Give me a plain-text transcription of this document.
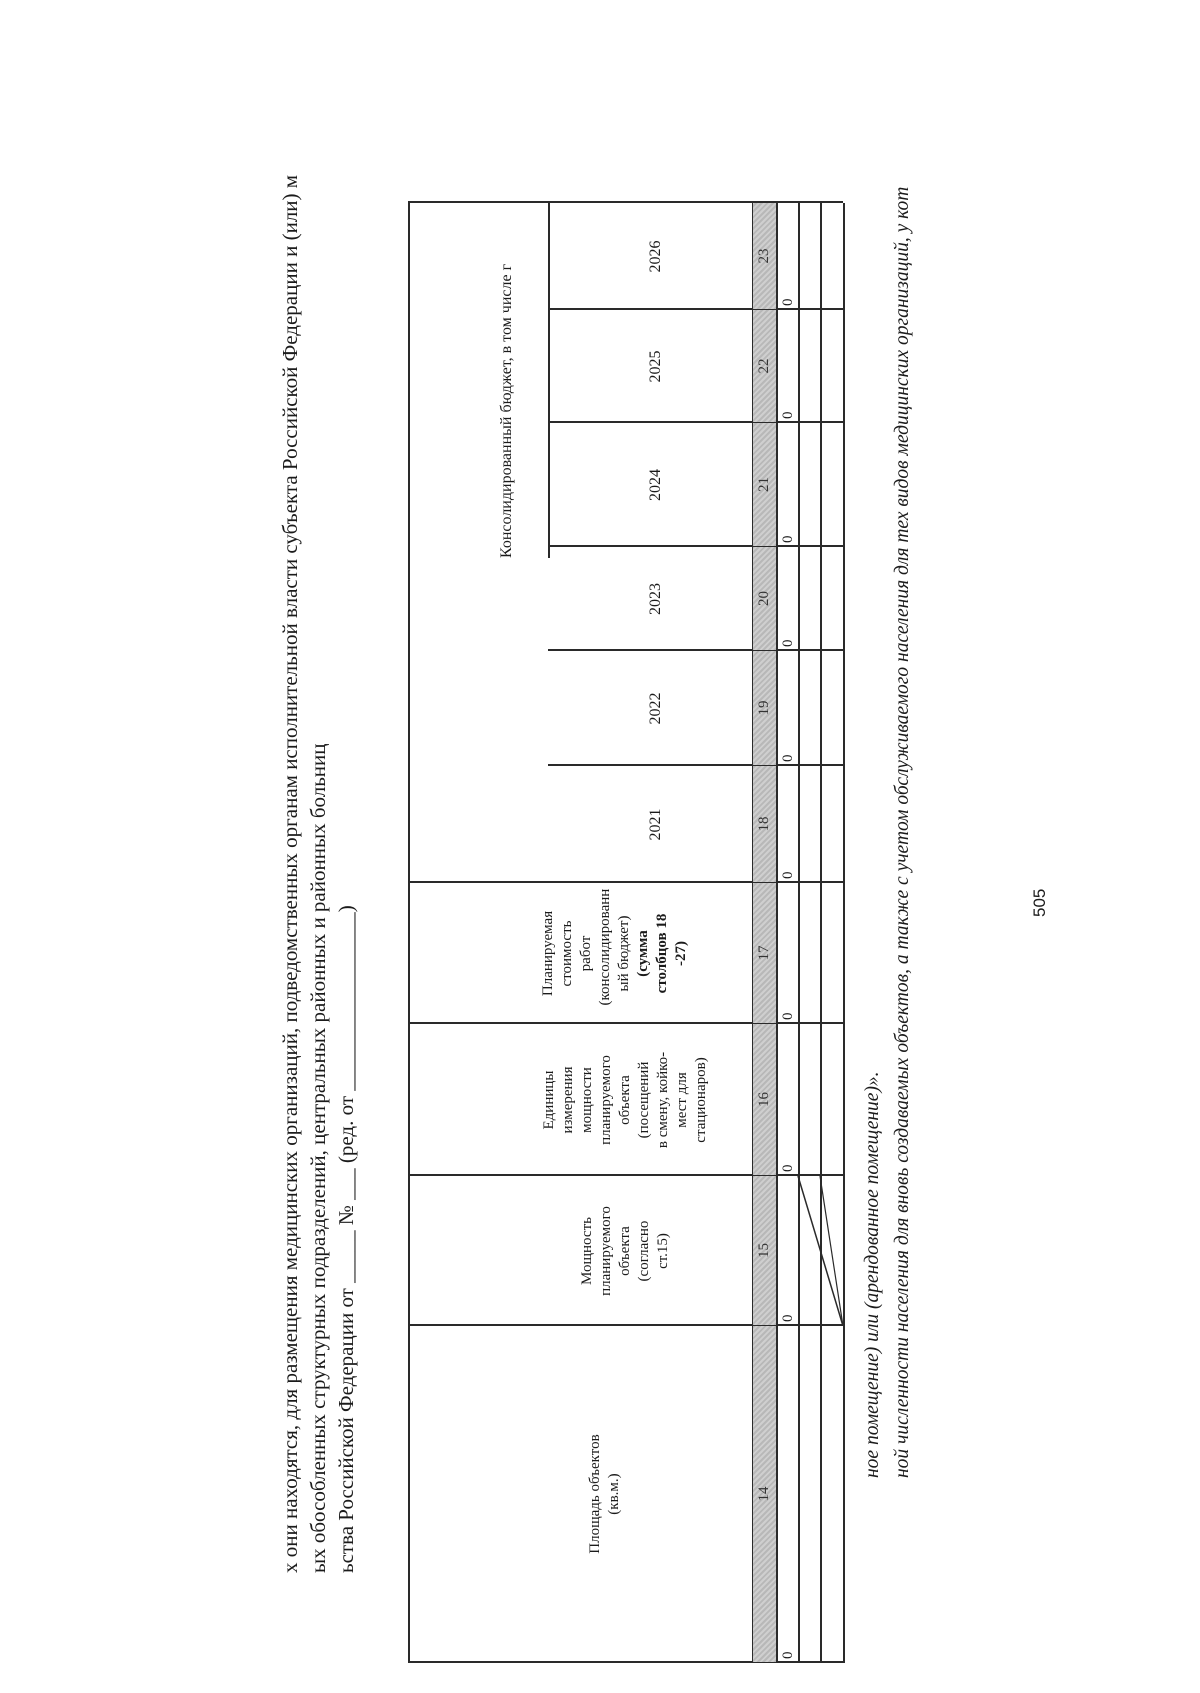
х они находятся, для размещения медицинских организаций, подведомственных органам исполнительной власти субъекта Российской Федерации и (или) м ых обособленных структурных подразделений, центральных районных и районных больниц ьства Российской Федерации от _____ № ___ (ред. от _________________)	Площадь объектов (кв.м.)
Мощность планируемого объекта (согласно ст.15)
Единицы измерения мощности планируемого объекта (посещений в смену, койко-мест для стационаров)
Планируемая стоимость работ (консолидированн ый бюджет) (сумма столбцов 18 -27)
Консолидированный бюджет, в том числе г
2021
2022
2023
2024
2025
2026
14
15
16
17
18
19
20
21
22
23
0
0
0
0
0
0
0
0
0
0
ное помещение) или (арендованное помещение)». ной численности населения для вновь создаваемых объектов, а также с учетом обслуживаемого населения для тех видов медицинских организаций, у кот	505
